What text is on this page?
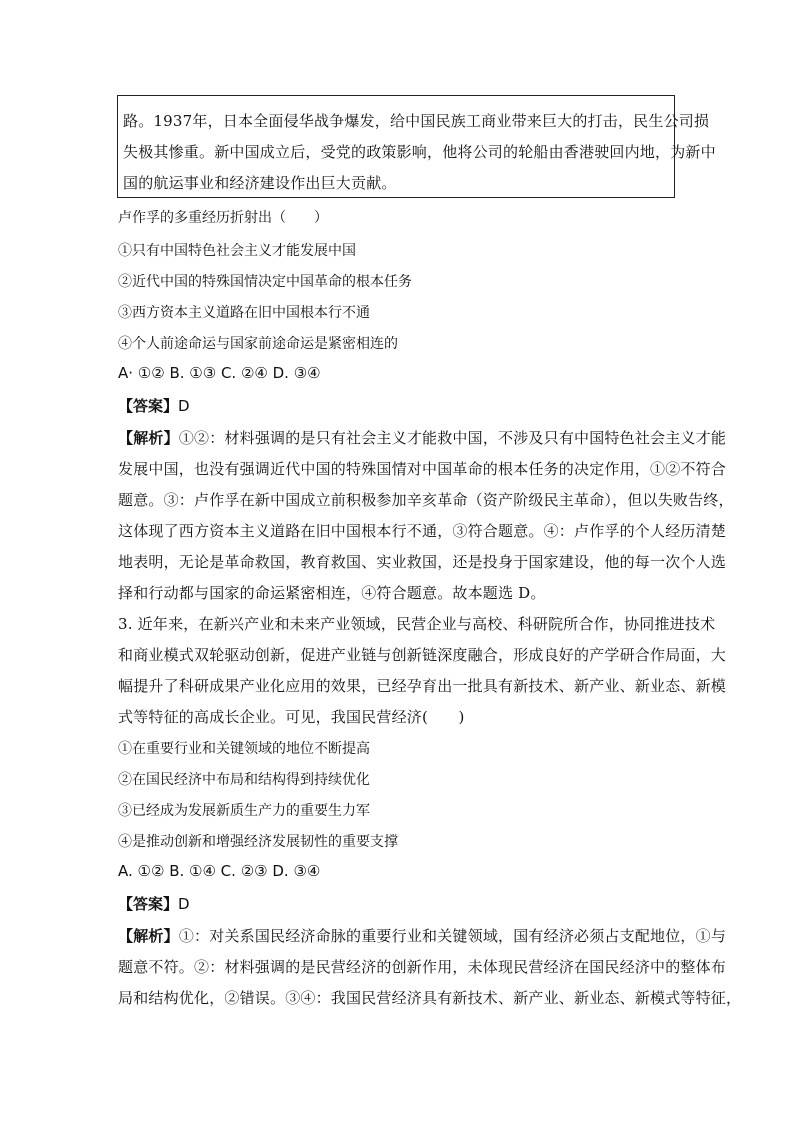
路。1937年，日本全面侵华战争爆发，给中国民族工商业带来巨大的打击，民生公司损
失极其惨重。新中国成立后，受党的政策影响，他将公司的轮船由香港驶回内地，为新中
国的航运事业和经济建设作出巨大贡献。
卢作孚的多重经历折射出（　　）
①只有中国特色社会主义才能发展中国
②近代中国的特殊国情决定中国革命的根本任务
③西方资本主义道路在旧中国根本行不通
④个人前途命运与国家前途命运是紧密相连的
A· ①② B. ①③ C. ②④ D. ③④
【答案】D
【解析】①②：材料强调的是只有社会主义才能救中国，不涉及只有中国特色社会主义才能
发展中国，也没有强调近代中国的特殊国情对中国革命的根本任务的决定作用，①②不符合
题意。③：卢作孚在新中国成立前积极参加辛亥革命（资产阶级民主革命），但以失败告终，
这体现了西方资本主义道路在旧中国根本行不通，③符合题意。④：卢作孚的个人经历清楚
地表明，无论是革命救国，教育救国、实业救国，还是投身于国家建设，他的每一次个人选
择和行动都与国家的命运紧密相连，④符合题意。故本题选 D。
3. 近年来，在新兴产业和未来产业领域，民营企业与高校、科研院所合作，协同推进技术
和商业模式双轮驱动创新，促进产业链与创新链深度融合，形成良好的产学研合作局面，大
幅提升了科研成果产业化应用的效果，已经孕育出一批具有新技术、新产业、新业态、新模
式等特征的高成长企业。可见，我国民营经济(　　)
①在重要行业和关键领域的地位不断提高
②在国民经济中布局和结构得到持续优化
③已经成为发展新质生产力的重要生力军
④是推动创新和增强经济发展韧性的重要支撑
A. ①② B. ①④ C. ②③ D. ③④
【答案】D
【解析】①：对关系国民经济命脉的重要行业和关键领域，国有经济必须占支配地位，①与
题意不符。②：材料强调的是民营经济的创新作用，未体现民营经济在国民经济中的整体布
局和结构优化，②错误。③④：我国民营经济具有新技术、新产业、新业态、新模式等特征，
